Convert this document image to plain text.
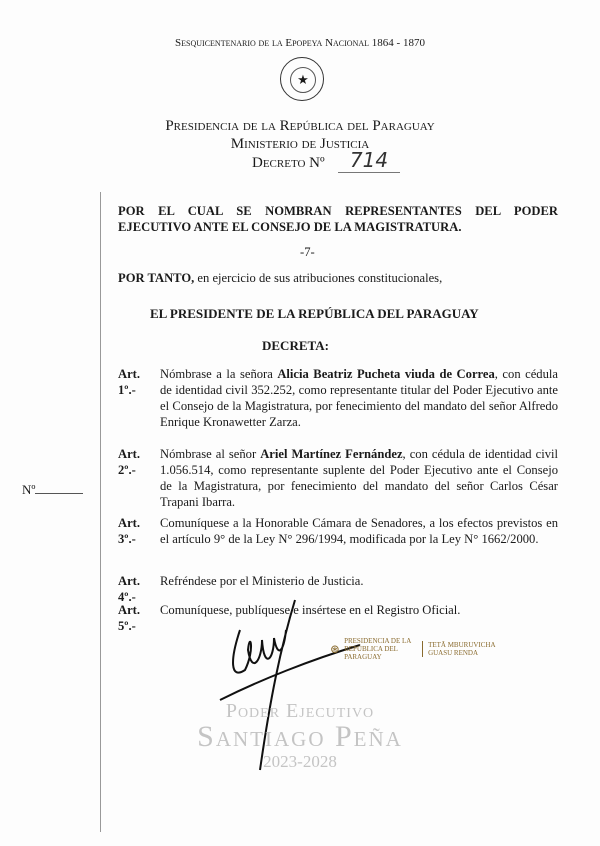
Sesquicentenario de la Epopeya Nacional 1864 - 1870
★
Presidencia de la República del Paraguay
Ministerio de Justicia
Decreto Nº	714
Nº
POR EL CUAL SE NOMBRAN REPRESENTANTES DEL PODER EJECUTIVO ANTE EL CONSEJO DE LA MAGISTRATURA.
-7-
POR TANTO, en ejercicio de sus atribuciones constitucionales,
EL PRESIDENTE DE LA REPÚBLICA DEL PARAGUAY
DECRETA:
Art. 1º.-
Nómbrase a la señora Alicia Beatriz Pucheta viuda de Correa, con cédula de identidad civil 352.252, como representante titular del Poder Ejecutivo ante el Consejo de la Magistratura, por fenecimiento del mandato del señor Alfredo Enrique Kronawetter Zarza.
Art. 2º.-
Nómbrase al señor Ariel Martínez Fernández, con cédula de identidad civil 1.056.514, como representante suplente del Poder Ejecutivo ante el Consejo de la Magistratura, por fenecimiento del mandato del señor Carlos César Trapani Ibarra.
Art. 3º.-
Comuníquese a la Honorable Cámara de Senadores, a los efectos previstos en el artículo 9° de la Ley N° 296/1994, modificada por la Ley N° 1662/2000.
Art. 4º.-
Refréndese por el Ministerio de Justicia.
Art. 5º.-
Comuníquese, publíquese e insértese en el Registro Oficial.
⊛
PRESIDENCIA DE LA REPÚBLICA DEL PARAGUAY
TETÃ MBURUVICHA GUASU RENDA
Poder Ejecutivo
Santiago Peña
2023-2028
